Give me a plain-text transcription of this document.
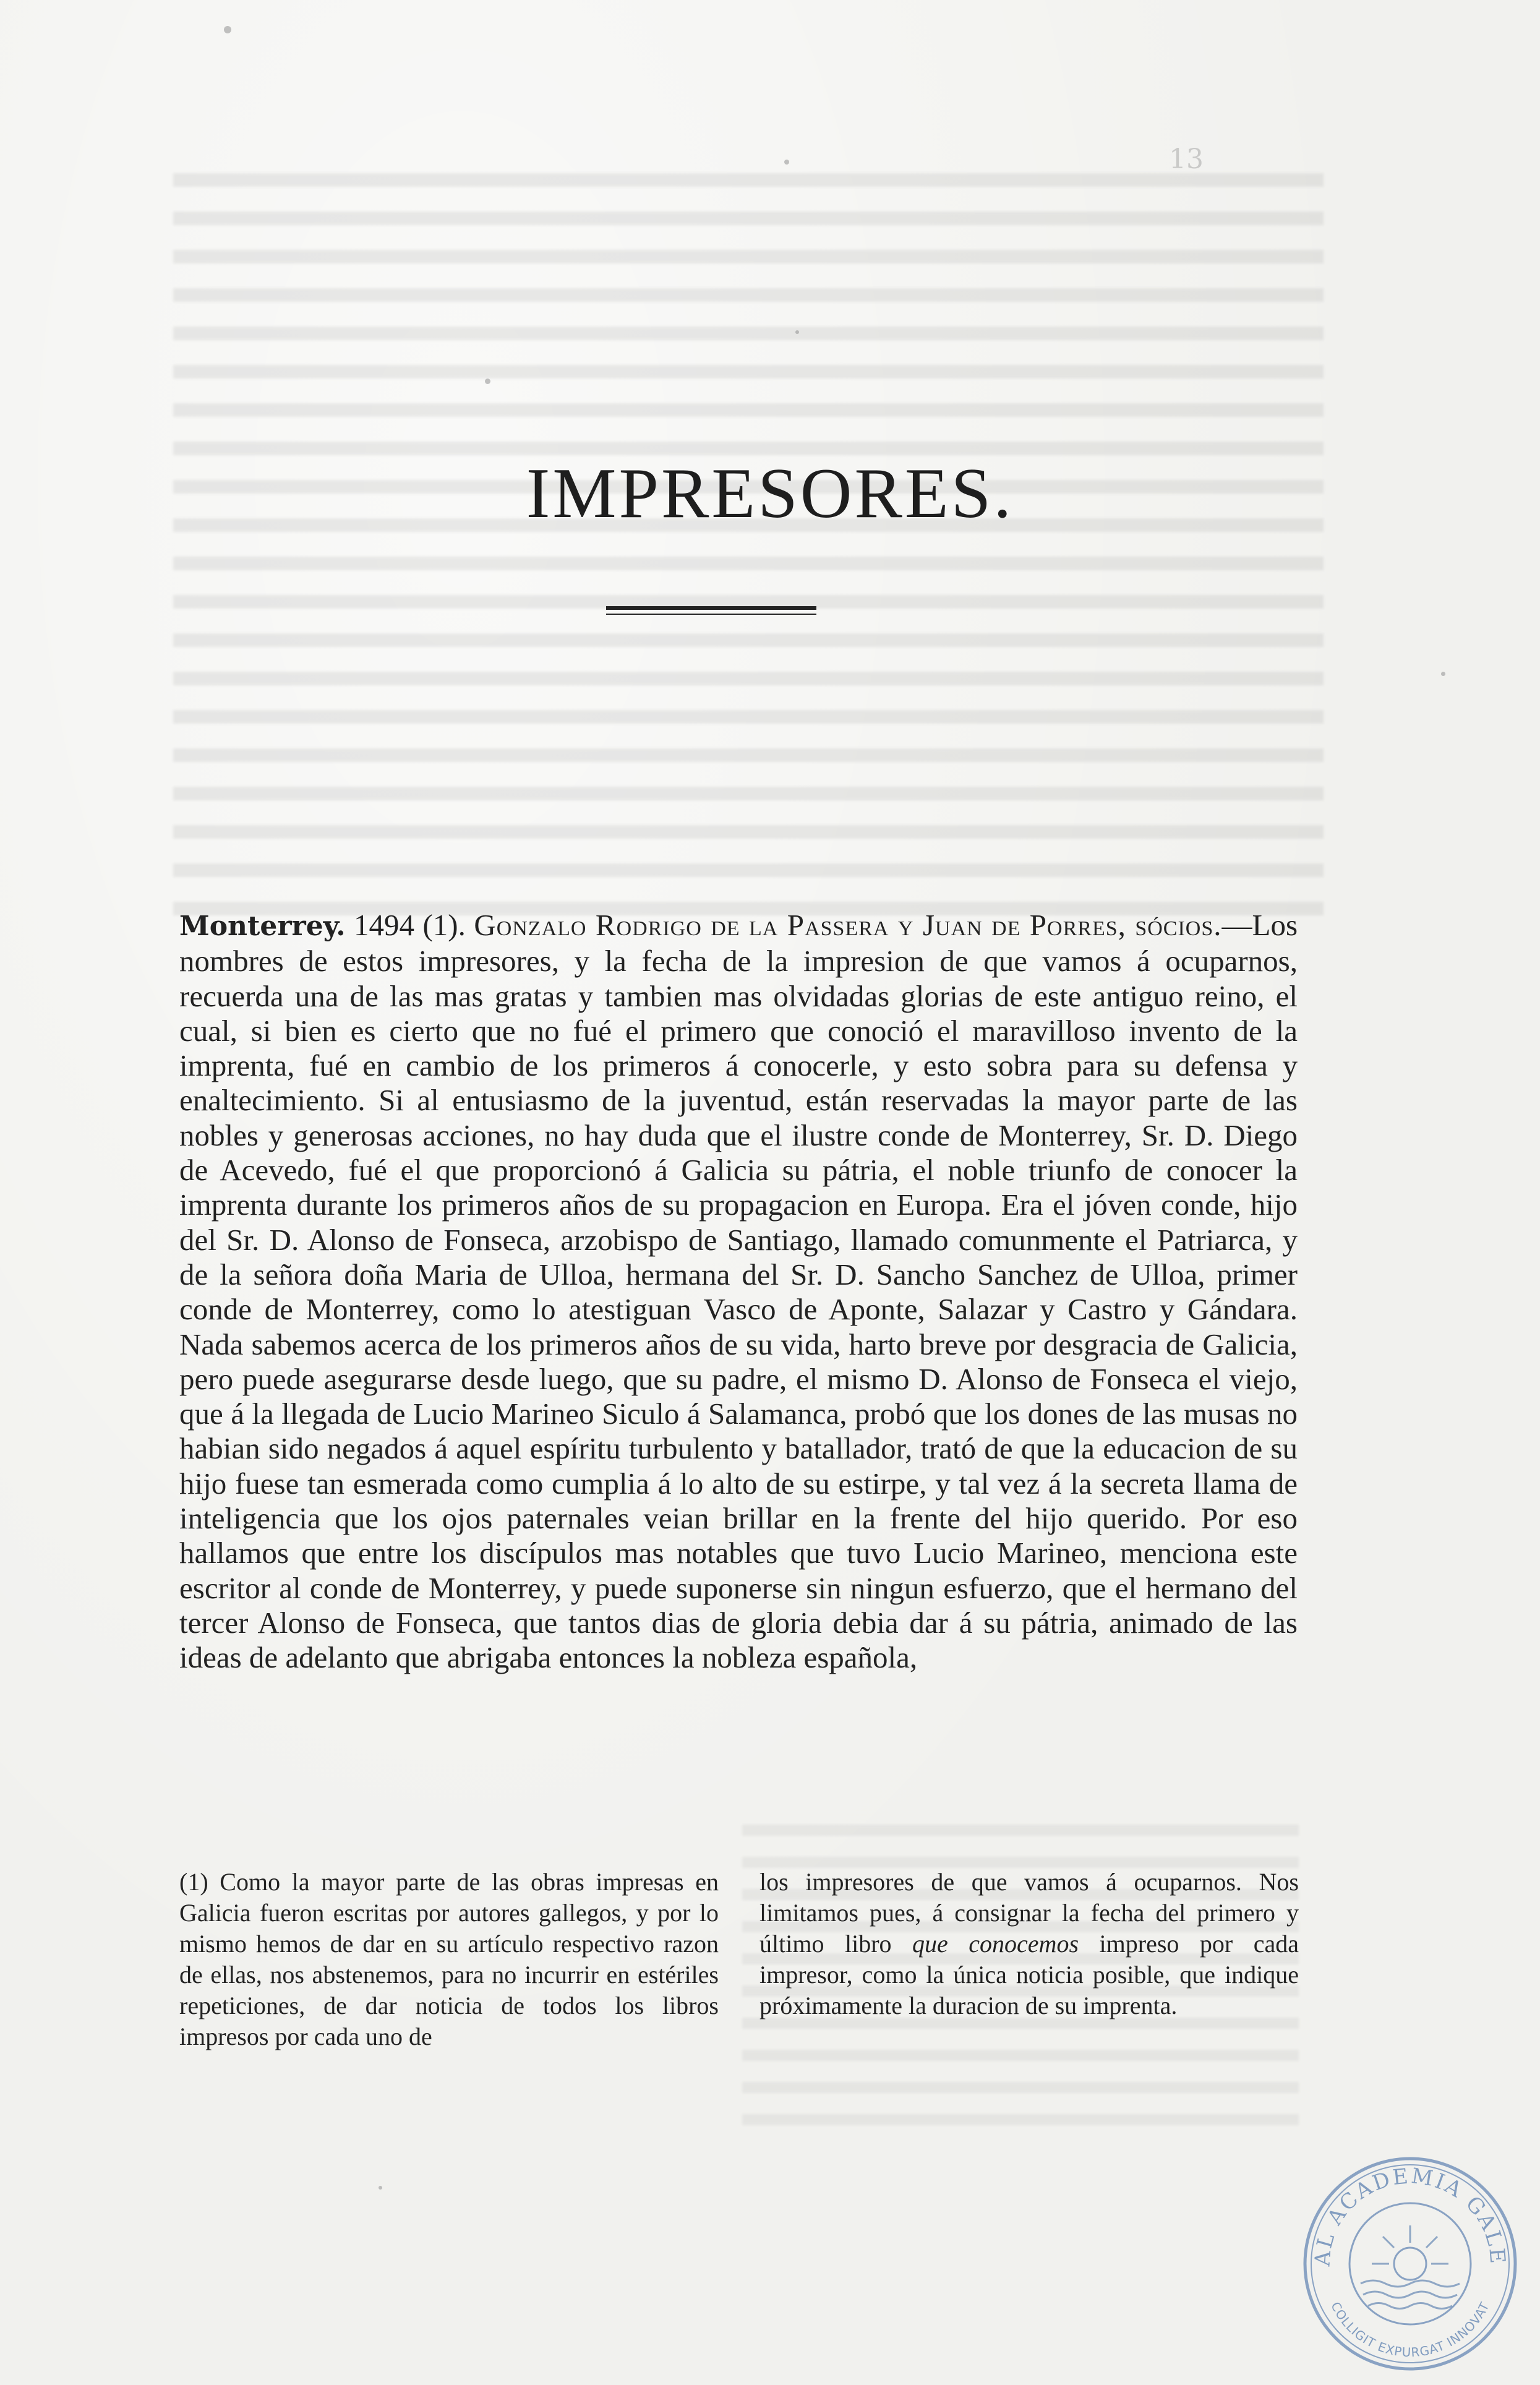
13
IMPRESORES.

Monterrey. 1494 (1). Gonzalo Rodrigo de la Passera y Juan de Porres, sócios.—Los nombres de estos impresores, y la fecha de la impresion de que vamos á ocuparnos, recuerda una de las mas gratas y tambien mas olvidadas glorias de este antiguo reino, el cual, si bien es cierto que no fué el primero que conoció el maravilloso invento de la imprenta, fué en cambio de los primeros á conocerle, y esto sobra para su defensa y enaltecimiento. Si al entusiasmo de la juventud, están reservadas la mayor parte de las nobles y generosas acciones, no hay duda que el ilustre conde de Monterrey, Sr. D. Diego de Acevedo, fué el que proporcionó á Galicia su pátria, el noble triunfo de conocer la imprenta durante los primeros años de su propagacion en Europa. Era el jóven conde, hijo del Sr. D. Alonso de Fonseca, arzobispo de Santiago, llamado comunmente el Patriarca, y de la señora doña Maria de Ulloa, hermana del Sr. D. Sancho Sanchez de Ulloa, primer conde de Monterrey, como lo atestiguan Vasco de Aponte, Salazar y Castro y Gándara. Nada sabemos acerca de los primeros años de su vida, harto breve por desgracia de Galicia, pero puede asegurarse desde luego, que su padre, el mismo D. Alonso de Fonseca el viejo, que á la llegada de Lucio Marineo Siculo á Salamanca, probó que los dones de las musas no habian sido negados á aquel espíritu turbulento y batallador, trató de que la educacion de su hijo fuese tan esmerada como cumplia á lo alto de su estirpe, y tal vez á la secreta llama de inteligencia que los ojos paternales veian brillar en la frente del hijo querido. Por eso hallamos que entre los discípulos mas notables que tuvo Lucio Marineo, menciona este escritor al conde de Monterrey, y puede suponerse sin ningun esfuerzo, que el hermano del tercer Alonso de Fonseca, que tantos dias de gloria debia dar á su pátria, animado de las ideas de adelanto que abrigaba entonces la nobleza española,

(1) Como la mayor parte de las obras impresas en Galicia fueron escritas por autores gallegos, y por lo mismo hemos de dar en su artículo respectivo razon de ellas, nos abstenemos, para no incurrir en estériles repeticiones, de dar noticia de todos los libros impresos por cada uno de

los impresores de que vamos á ocuparnos. Nos limitamos pues, á consignar la fecha del primero y último libro que conocemos impreso por cada impresor, como la única noticia posible, que indique próximamente la duracion de su imprenta.

AL ACADEMIA GALE
COLLIGIT EXPURGAT INNOVAT
